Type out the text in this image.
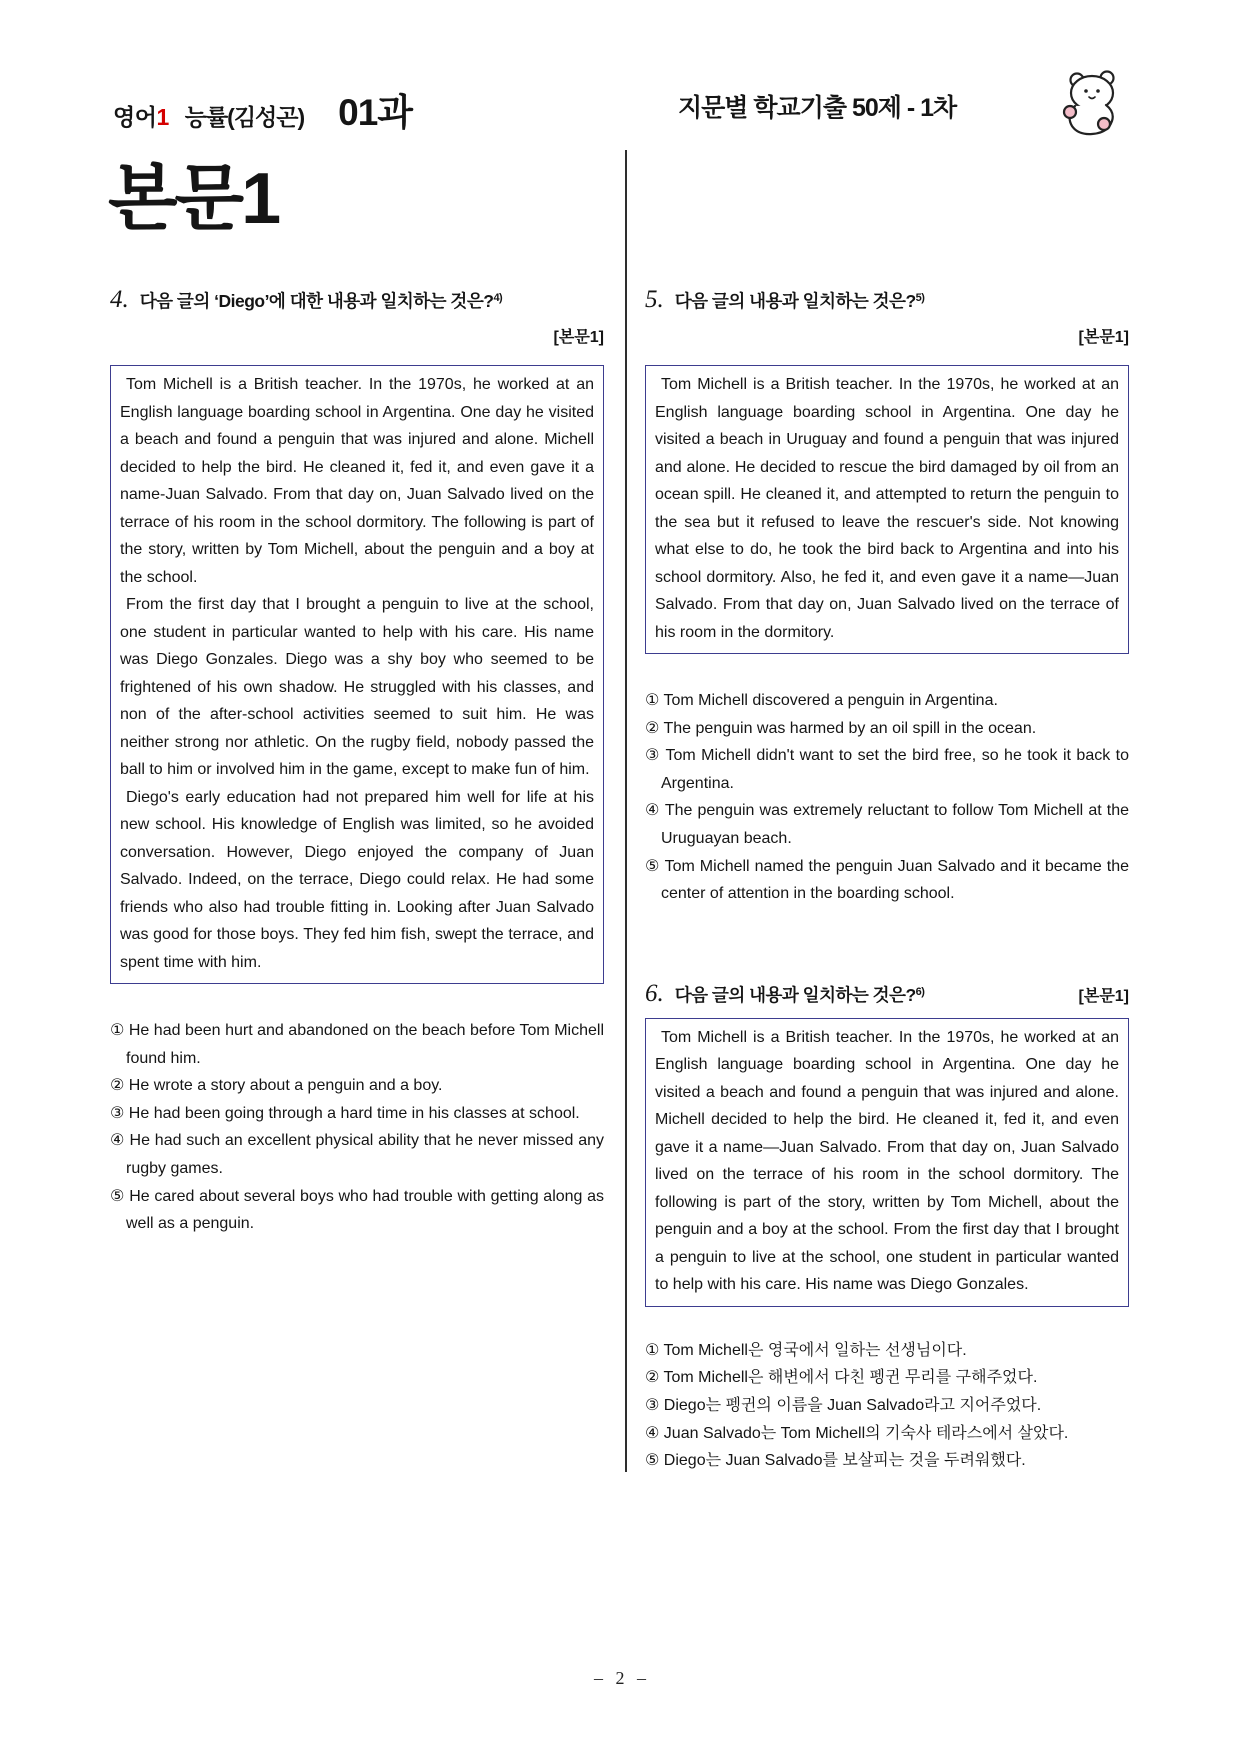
영어1 능률(김성곤) 01과	지문별 학교기출 50제 - 1차
본문1
4. 다음 글의 ‘Diego’에 대한 내용과 일치하는 것은?$^{4)}$
[본문1]

Tom Michell is a British teacher. In the 1970s, he worked at an English language boarding school in Argentina. One day he visited a beach and found a penguin that was injured and alone. Michell decided to help the bird. He cleaned it, fed it, and even gave it a name-Juan Salvado. From that day on, Juan Salvado lived on the terrace of his room in the school dormitory. The following is part of the story, written by Tom Michell, about the penguin and a boy at the school.

From the first day that I brought a penguin to live at the school, one student in particular wanted to help with his care. His name was Diego Gonzales. Diego was a shy boy who seemed to be frightened of his own shadow. He struggled with his classes, and non of the after-school activities seemed to suit him. He was neither strong nor athletic. On the rugby field, nobody passed the ball to him or involved him in the game, except to make fun of him.

Diego's early education had not prepared him well for life at his new school. His knowledge of English was limited, so he avoided conversation. However, Diego enjoyed the company of Juan Salvado. Indeed, on the terrace, Diego could relax. He had some friends who also had trouble fitting in. Looking after Juan Salvado was good for those boys. They fed him fish, swept the terrace, and spent time with him.

① He had been hurt and abandoned on the beach before Tom Michell found him.
② He wrote a story about a penguin and a boy.
③ He had been going through a hard time in his classes at school.
④ He had such an excellent physical ability that he never missed any rugby games.
⑤ He cared about several boys who had trouble with getting along as well as a penguin.
5. 다음 글의 내용과 일치하는 것은?$^{5)}$
[본문1]

Tom Michell is a British teacher. In the 1970s, he worked at an English language boarding school in Argentina. One day he visited a beach in Uruguay and found a penguin that was injured and alone. He decided to rescue the bird damaged by oil from an ocean spill. He cleaned it, and attempted to return the penguin to the sea but it refused to leave the rescuer's side. Not knowing what else to do, he took the bird back to Argentina and into his school dormitory. Also, he fed it, and even gave it a name—Juan Salvado. From that day on, Juan Salvado lived on the terrace of his room in the dormitory.

① Tom Michell discovered a penguin in Argentina.
② The penguin was harmed by an oil spill in the ocean.
③ Tom Michell didn't want to set the bird free, so he took it back to Argentina.
④ The penguin was extremely reluctant to follow Tom Michell at the Uruguayan beach.
⑤ Tom Michell named the penguin Juan Salvado and it became the center of attention in the boarding school.
6. 다음 글의 내용과 일치하는 것은?$^{6)}$	[본문1]

Tom Michell is a British teacher. In the 1970s, he worked at an English language boarding school in Argentina. One day he visited a beach and found a penguin that was injured and alone. Michell decided to help the bird. He cleaned it, fed it, and even gave it a name—Juan Salvado. From that day on, Juan Salvado lived on the terrace of his room in the school dormitory. The following is part of the story, written by Tom Michell, about the penguin and a boy at the school. From the first day that I brought a penguin to live at the school, one student in particular wanted to help with his care. His name was Diego Gonzales.

① Tom Michell은 영국에서 일하는 선생님이다.
② Tom Michell은 해변에서 다친 펭귄 무리를 구해주었다.
③ Diego는 펭귄의 이름을 Juan Salvado라고 지어주었다.
④ Juan Salvado는 Tom Michell의 기숙사 테라스에서 살았다.
⑤ Diego는 Juan Salvado를 보살피는 것을 두려워했다.
– 2 –
